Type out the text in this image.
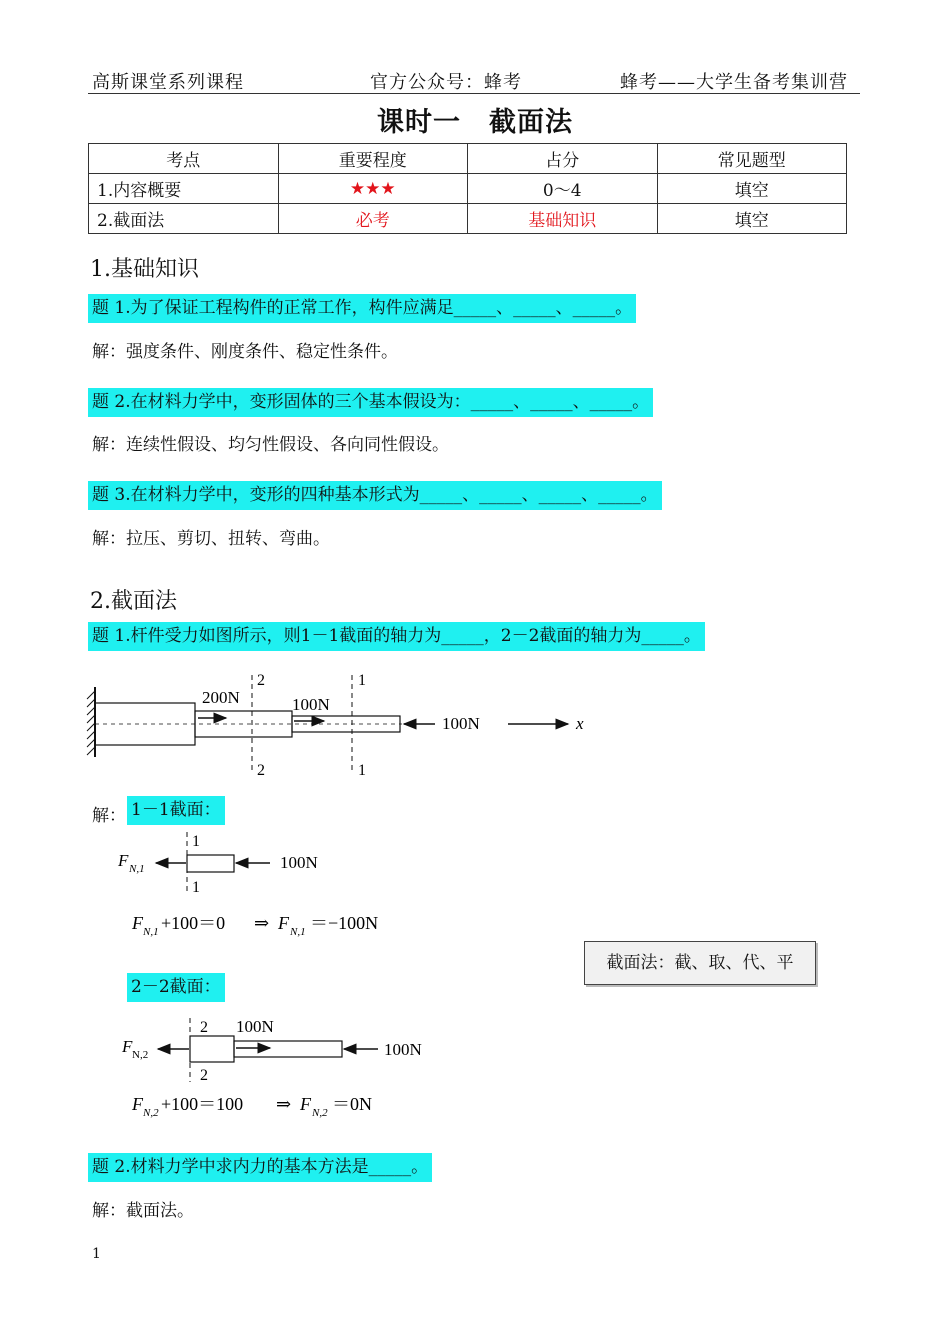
高斯课堂系列课程	官方公众号：蜂考	蜂考——大学生备考集训营
课时一　截面法
考点	重要程度	占分	常见题型
1.内容概要	★★★	0～4	填空
2.截面法	必考	基础知识	填空
1.基础知识
题 1.为了保证工程构件的正常工作，构件应满足_____、_____、_____。
解：强度条件、刚度条件、稳定性条件。
题 2.在材料力学中，变形固体的三个基本假设为：_____、_____、_____。
解：连续性假设、均匀性假设、各向同性假设。
题 3.在材料力学中，变形的四种基本形式为_____、_____、_____、_____。
解：拉压、剪切、扭转、弯曲。
2.截面法
题 1.杆件受力如图所示，则1－1截面的轴力为_____，2－2截面的轴力为_____。
200N	100N
100N	x
2
2
1
1
解： 1－1截面：
1
1
F N,1	100N
F N,1 +100＝0 ⇒ F N,1 ＝−100N
截面法：截、取、代、平
2－2截面：
2
2
F N,2
100N
100N
F N,2 +100＝100 ⇒ F N,2 ＝0N
题 2.材料力学中求内力的基本方法是_____。
解：截面法。
1
